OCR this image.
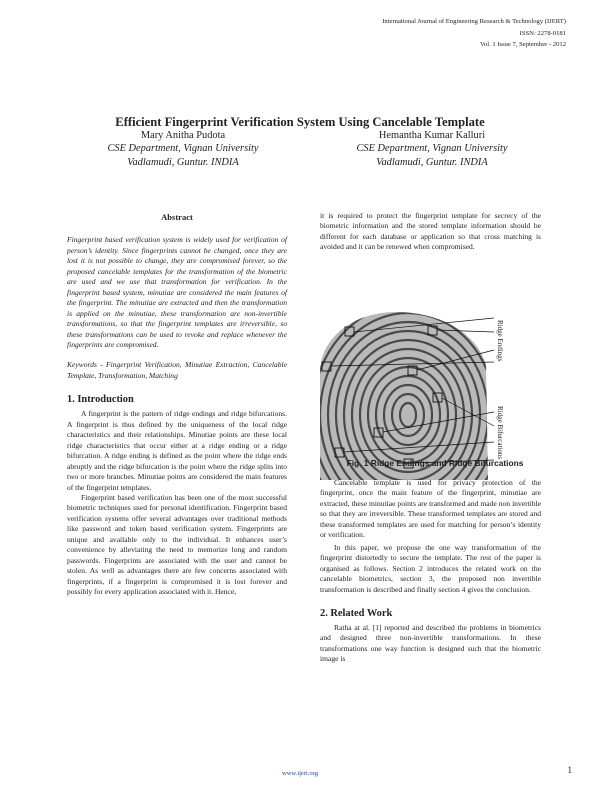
International Journal of Engineering Research & Technology (IJERT)
ISSN: 2278-0181
Vol. 1 Issue 7, September - 2012
Efficient Fingerprint Verification System Using Cancelable Template
Mary Anitha Pudota
CSE Department, Vignan University
Vadlamudi, Guntur. INDIA
Hemantha Kumar Kalluri
CSE Department, Vignan University
Vadlamudi, Guntur. INDIA
Abstract

Fingerprint based verification system is widely used for verification of person’s identity. Since fingerprints cannot be changed, once they are lost it is not possible to change, they are compromised forever, so the proposed cancelable templates for the transformation of the biometric are used and we use that transformation for verification. In the fingerprint based system, minutiae are considered the main features of the fingerprint. The minutiae are extracted and then the transformation is applied on the minutiae, these transformation are non-invertible transformations, so that the fingerprint templates are irreversible, so these transformations can be used to revoke and replace whenever the fingerprints are compromised.

Keywords - Fingerprint Verification, Minutiae Extraction, Cancelable Template, Transformation, Matching

1. Introduction

A fingerprint is the pattern of ridge endings and ridge bifurcations. A fingerprint is thus defined by the uniqueness of the local ridge characteristics and their relationships. Minutiae points are these local ridge characteristics that occur either at a ridge ending or a ridge bifurcation. A ridge ending is defined as the point where the ridge ends abruptly and the ridge bifurcation is the point where the ridge splits into two or more branches. Minutiae points are considered the main features of the fingerprint templates.

Fingerprint based verification has been one of the most successful biometric techniques used for personal identification. Fingerprint based verification systems offer several advantages over traditional methods like password and token based verification system. Fingerprints are unique and available only to the individual. It enhances user’s convenience by alleviating the need to memorize long and random passwords. Fingerprints are associated with the user and cannot be stolen. As well as advantages there are few concerns associated with fingerprints, if a fingerprint is compromised it is lost forever and possibly for every application associated with it. Hence,

it is required to protect the fingerprint template for secrecy of the biometric information and the stored template information should be different for each database or application so that cross matching is avoided and it can be renewed when compromised.

Ridge Endings
Ridge Bifurcations
Fig. 1 Ridge Endings and Ridge Bifurcations

Cancelable template is used for privacy protection of the fingerprint, once the main feature of the fingerprint, minutiae are extracted, these minutiae points are transformed and made non invertible so that they are irreversible. These transformed templates are stored and these transformed templates are used for matching for person’s identity or verification.

In this paper, we propose the one way transformation of the fingerprint distortedly to secure the template. The rest of the paper is organised as follows. Section 2 introduces the related work on the cancelable biometrics, section 3, the proposed non invertible transformation is described and finally section 4 gives the conclusion.

2. Related Work

Ratha at al. [1] reported and described the problems in biometrics and designed three non-invertible transformations. In these transformations one way function is designed such that the biometric image is

www.ijert.org	1
